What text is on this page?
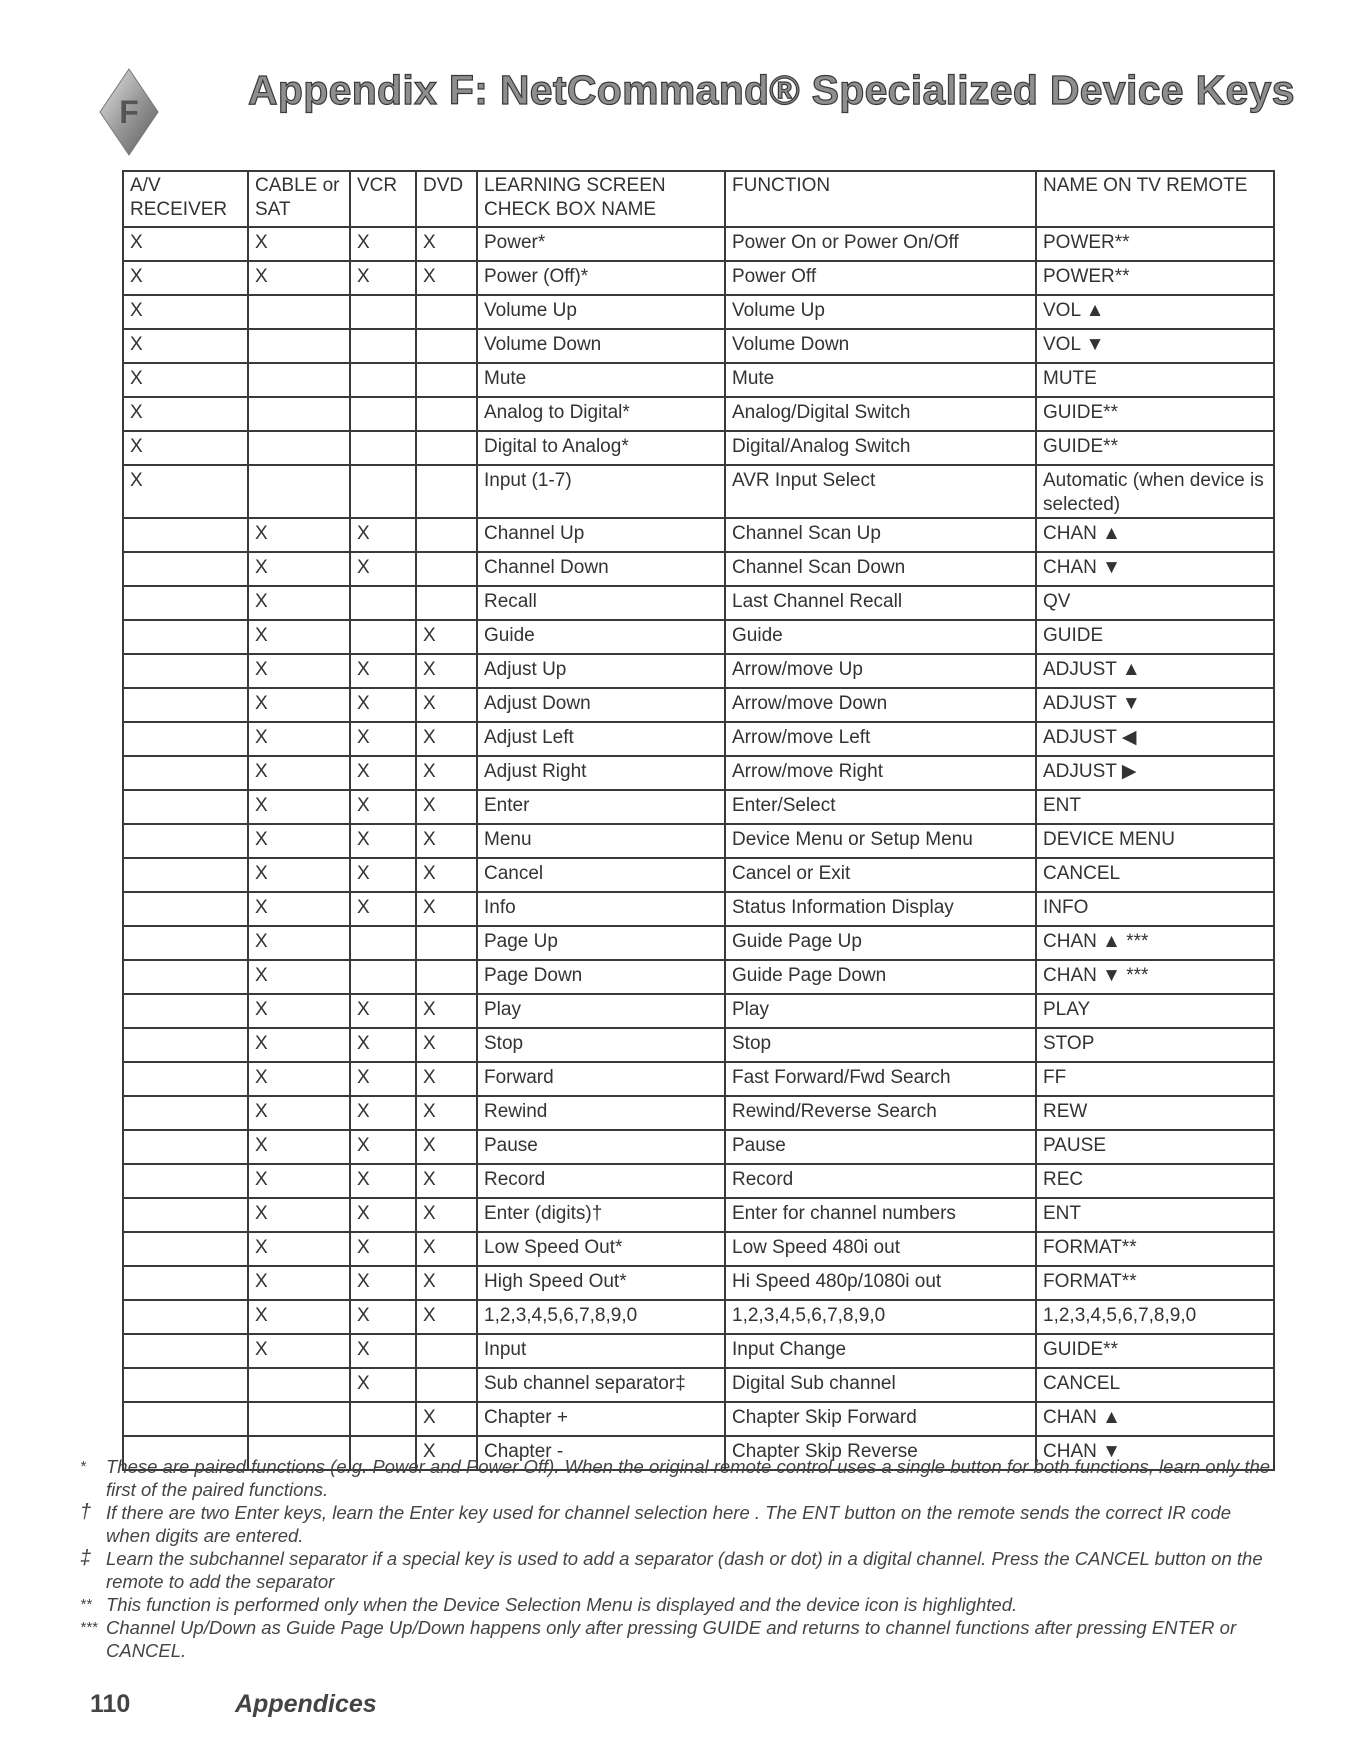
F	Appendix F: NetCommand® Specialized Device Keys
A/V RECEIVER	CABLE or SAT	VCR	DVD	LEARNING SCREEN CHECK BOX NAME	FUNCTION	NAME ON TV REMOTE
X	X	X	X	Power*	Power On or Power On/Off	POWER**
X	X	X	X	Power (Off)*	Power Off	POWER**
X				Volume Up	Volume Up	VOL ▲
X				Volume Down	Volume Down	VOL ▼
X				Mute	Mute	MUTE
X				Analog to Digital*	Analog/Digital Switch	GUIDE**
X				Digital to Analog*	Digital/Analog Switch	GUIDE**
X				Input (1-7)	AVR Input Select	Automatic (when device is selected)
	X	X		Channel Up	Channel Scan Up	CHAN ▲
	X	X		Channel Down	Channel Scan Down	CHAN ▼
	X			Recall	Last Channel Recall	QV
	X		X	Guide	Guide	GUIDE
	X	X	X	Adjust Up	Arrow/move Up	ADJUST ▲
	X	X	X	Adjust Down	Arrow/move Down	ADJUST ▼
	X	X	X	Adjust Left	Arrow/move Left	ADJUST ◀
	X	X	X	Adjust Right	Arrow/move Right	ADJUST ▶
	X	X	X	Enter	Enter/Select	ENT
	X	X	X	Menu	Device Menu or Setup Menu	DEVICE MENU
	X	X	X	Cancel	Cancel or Exit	CANCEL
	X	X	X	Info	Status Information Display	INFO
	X			Page Up	Guide Page Up	CHAN ▲ ***
	X			Page Down	Guide Page Down	CHAN ▼ ***
	X	X	X	Play	Play	PLAY
	X	X	X	Stop	Stop	STOP
	X	X	X	Forward	Fast Forward/Fwd Search	FF
	X	X	X	Rewind	Rewind/Reverse Search	REW
	X	X	X	Pause	Pause	PAUSE
	X	X	X	Record	Record	REC
	X	X	X	Enter (digits)†	Enter for channel numbers	ENT
	X	X	X	Low Speed Out*	Low Speed 480i out	FORMAT**
	X	X	X	High Speed Out*	Hi Speed 480p/1080i out	FORMAT**
	X	X	X	1,2,3,4,5,6,7,8,9,0	1,2,3,4,5,6,7,8,9,0	1,2,3,4,5,6,7,8,9,0
	X	X		Input	Input Change	GUIDE**
		X		Sub channel separator‡	Digital Sub channel	CANCEL
			X	Chapter +	Chapter Skip Forward	CHAN ▲
			X	Chapter -	Chapter Skip Reverse	CHAN ▼
*	These are paired functions (e.g. Power and Power Off). When the original remote control uses a single button for both functions, learn only the first of the paired functions.
† If there are two Enter keys, learn the Enter key used for channel selection here . The ENT button on the remote sends the correct IR code when digits are entered.
‡ Learn the subchannel separator if a special key is used to add a separator (dash or dot) in a digital channel. Press the CANCEL button on the remote to add the separator
** This function is performed only when the Device Selection Menu is displayed and the device icon is highlighted.
*** Channel Up/Down as Guide Page Up/Down happens only after pressing GUIDE and returns to channel functions after pressing ENTER or CANCEL.
110	Appendices
